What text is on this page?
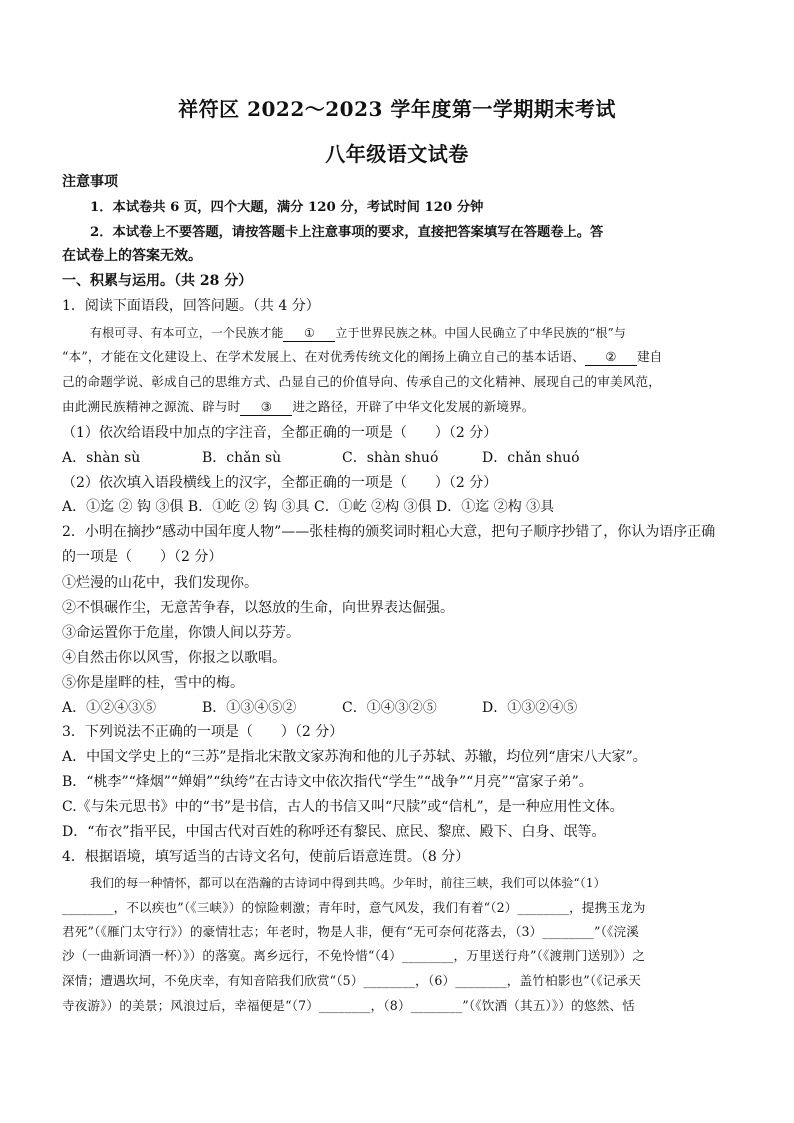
祥符区 2022～2023 学年度第一学期期末考试
八年级语文试卷
注意事项
1．本试卷共 6 页，四个大题，满分 120 分，考试时间 120 分钟
2．本试卷上不要答题，请按答题卡上注意事项的要求，直接把答案填写在答题卷上。答
在试卷上的答案无效。
一、积累与运用。（共 28 分）
1．阅读下面语段，回答问题。（共 4 分）
有根可寻、有本可立，一个民族才能 ① 立于世界民族之林。中国人民确立了中华民族的“根”与
“本”，才能在文化建设上、在学术发展上、在对优秀传统文化的阐扬上确立自己的基本话语、 ② 建自
己的命题学说、彰成自己的思维方式、凸显自己的价值导向、传承自己的文化精神、展现自己的审美风范，
由此溯民族精神之源流、辟与时 ③ 进之路径，开辟了中华文化发展的新境界。
（1）依次给语段中加点的字注音，全都正确的一项是（　　）（2 分）
A．shàn sù	B．chǎn sù	C．shàn shuó	D．chǎn shuó
（2）依次填入语段横线上的汉字，全都正确的一项是（　　）（2 分）
A．①迄 ② 钩 ③俱 B．①屹 ② 钩 ③具 C．①屹 ②构 ③俱 D．①迄 ②构 ③具
2．小明在摘抄“感动中国年度人物”——张桂梅的颁奖词时粗心大意，把句子顺序抄错了，你认为语序正确
的一项是（　　）（2 分）
①烂漫的山花中，我们发现你。
②不惧碾作尘，无意苦争春，以怒放的生命，向世界表达倔强。
③命运置你于危崖，你馈人间以芬芳。
④自然击你以风雪，你报之以歌唱。
⑤你是崖畔的桂，雪中的梅。
A．①②④③⑤	B．①③④⑤②	C．①④③②⑤	D．①③②④⑤
3．下列说法不正确的一项是（　　）（2 分）
A．中国文学史上的“三苏”是指北宋散文家苏洵和他的儿子苏轼、苏辙，均位列“唐宋八大家”。
B．“桃李”“烽烟”“婵娟”“纨绔”在古诗文中依次指代“学生”“战争”“月亮”“富家子弟”。
C.《与朱元思书》中的“书”是书信，古人的书信又叫“尺牍”或“信札”，是一种应用性文体。
D．“布衣”指平民，中国古代对百姓的称呼还有黎民、庶民、黎庶、殿下、白身、氓等。
4．根据语境，填写适当的古诗文名句，使前后语意连贯。（8 分）
我们的每一种情怀，都可以在浩瀚的古诗词中得到共鸣。少年时，前往三峡，我们可以体验“（1）
________，不以疾也”（《三峡》）的惊险刺激；青年时，意气风发，我们有着“（2）________，提携玉龙为
君死”（《雁门太守行》）的豪情壮志；年老时，物是人非，便有“无可奈何花落去，（3）________”（《浣溪
沙（一曲新词酒一杯）》）的落寞。离乡远行，不免怜惜“（4）________，万里送行舟”（《渡荆门送别》）之
深情；遭遇坎坷，不免庆幸，有知音陪我们欣赏“（5）________，（6）________，盖竹柏影也”（《记承天
寺夜游》）的美景；风浪过后，幸福便是“（7）________，（8）________”（《饮酒（其五）》）的悠然、恬
